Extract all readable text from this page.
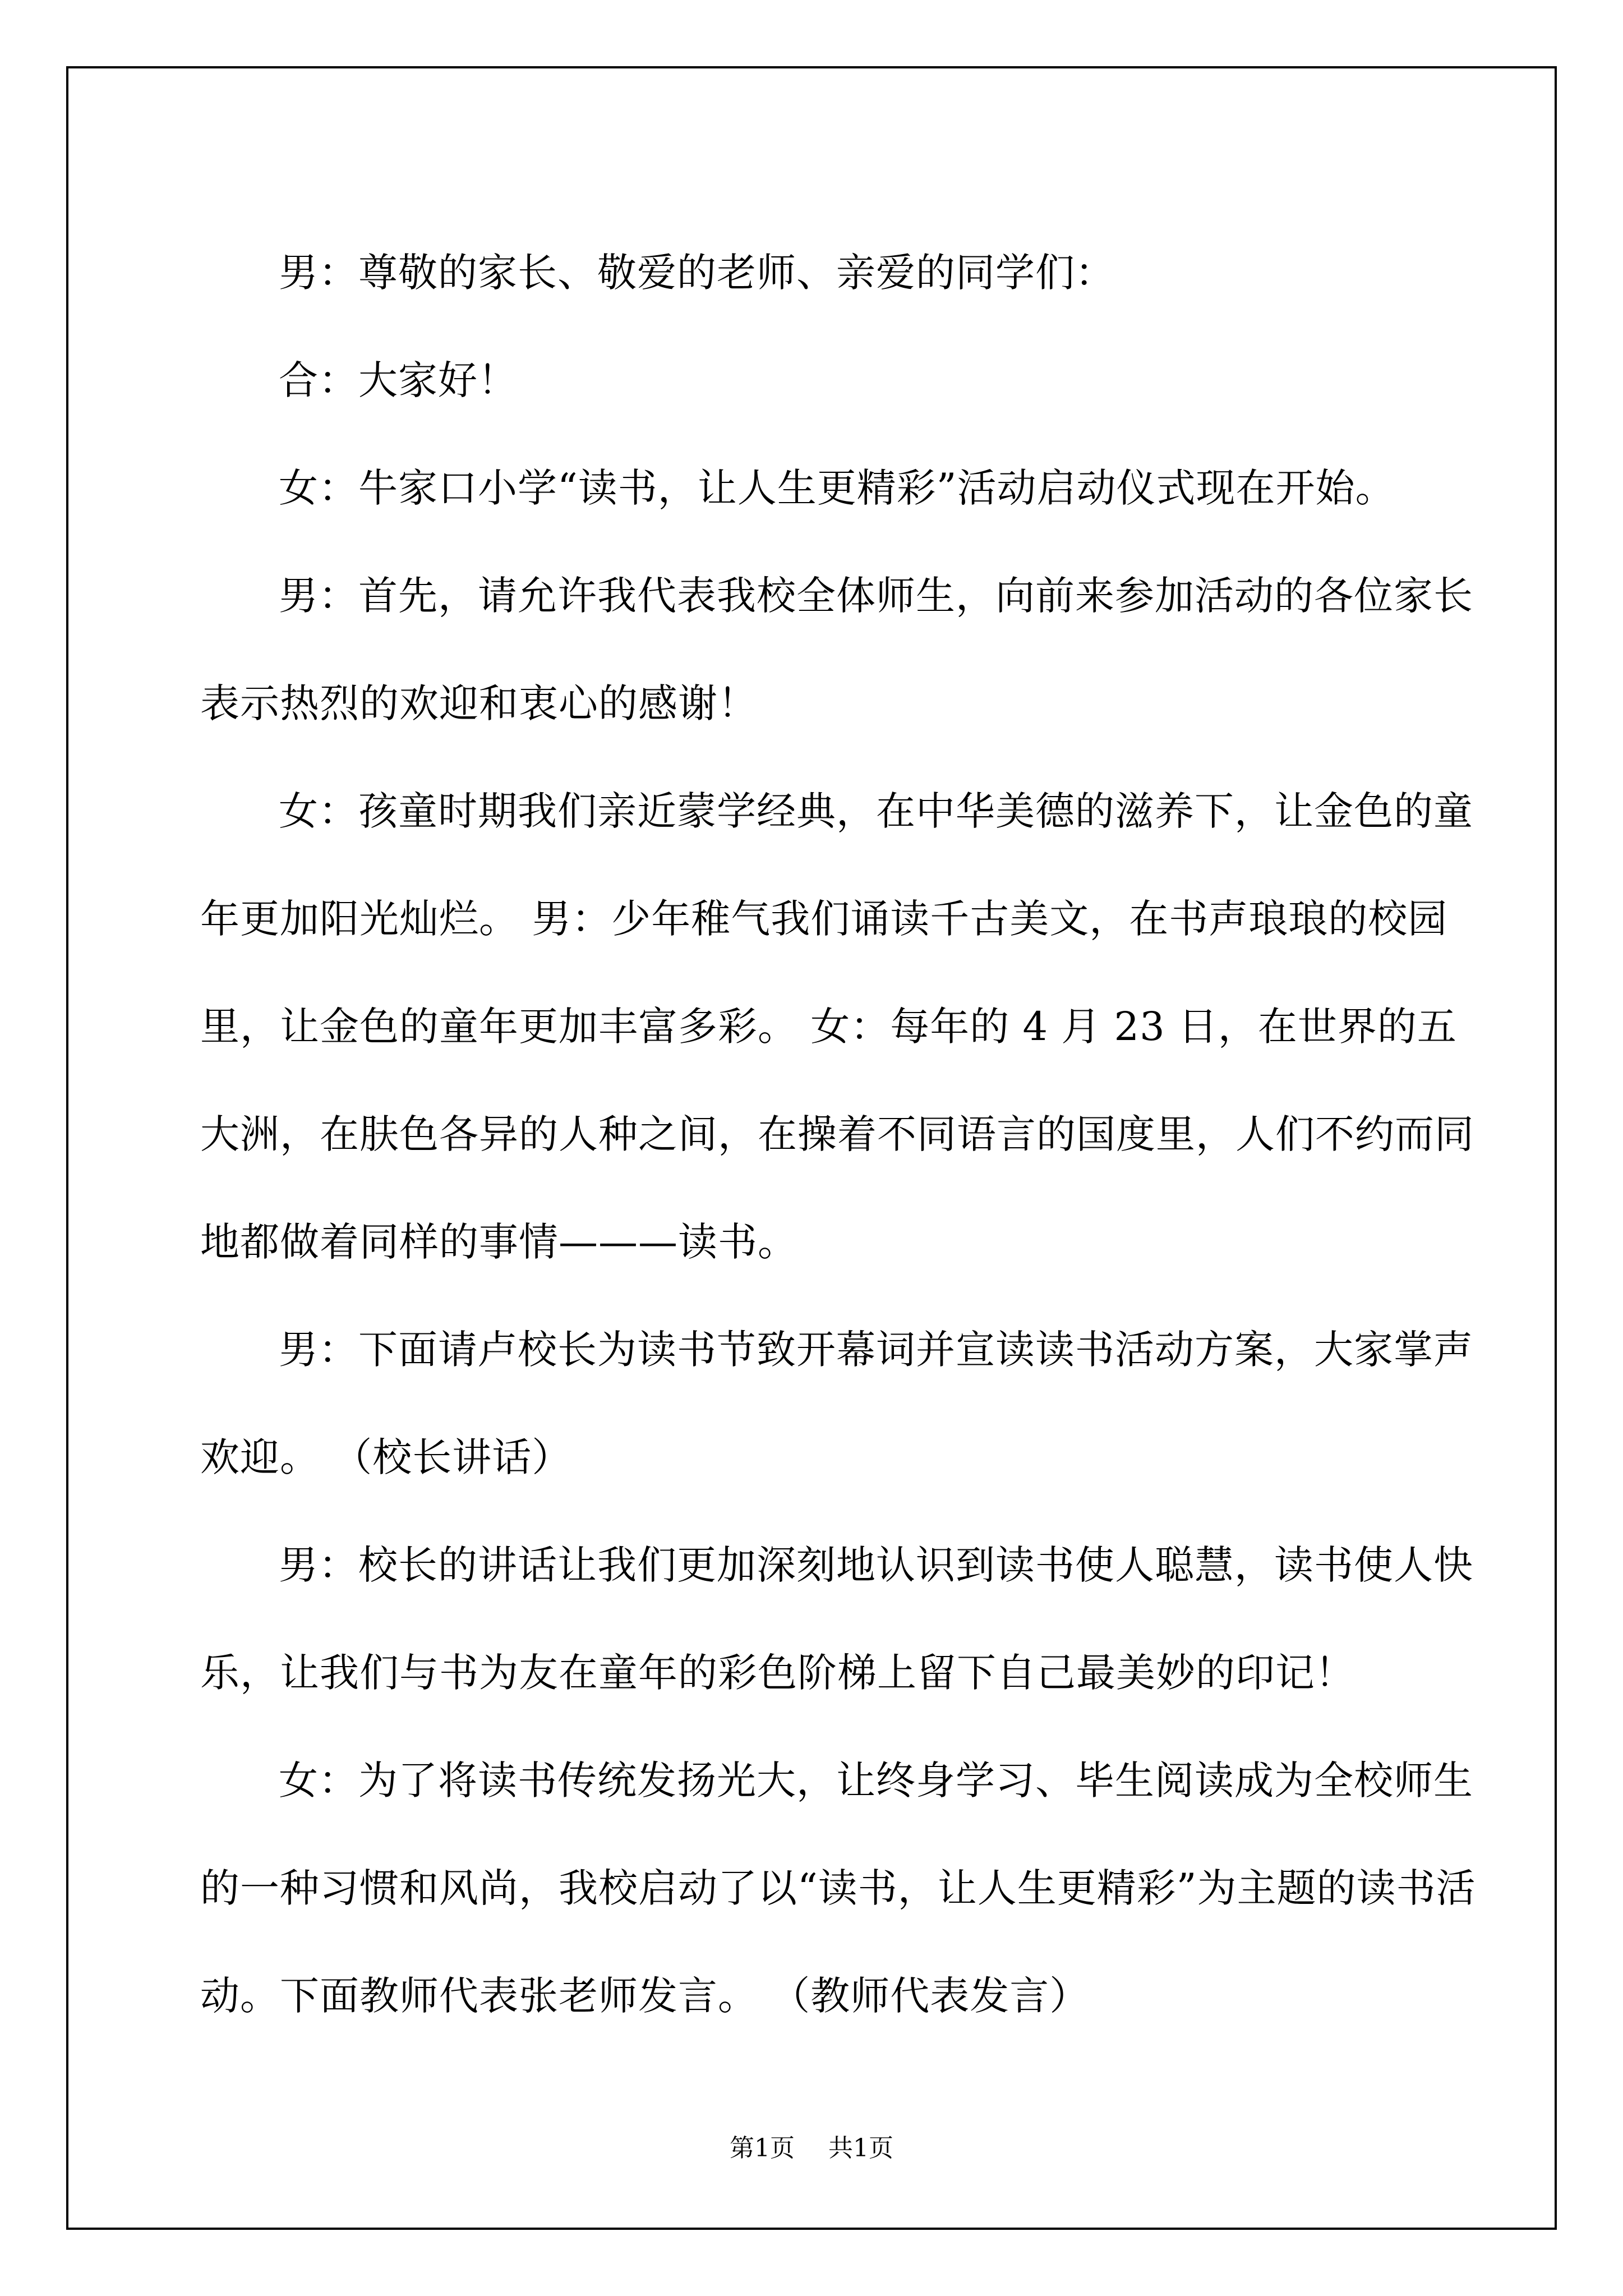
男：尊敬的家长、敬爱的老师、亲爱的同学们：

合：大家好！

女：牛家口小学“读书，让人生更精彩”活动启动仪式现在开始。

男：首先，请允许我代表我校全体师生，向前来参加活动的各位家长表示热烈的欢迎和衷心的感谢！

女：孩童时期我们亲近蒙学经典，在中华美德的滋养下，让金色的童年更加阳光灿烂。 男：少年稚气我们诵读千古美文，在书声琅琅的校园里，让金色的童年更加丰富多彩。 女：每年的 4 月 23 日，在世界的五大洲，在肤色各异的人种之间，在操着不同语言的国度里，人们不约而同地都做着同样的事情———读书。

男：下面请卢校长为读书节致开幕词并宣读读书活动方案，大家掌声欢迎。 （校长讲话）

男：校长的讲话让我们更加深刻地认识到读书使人聪慧，读书使人快乐，让我们与书为友在童年的彩色阶梯上留下自己最美妙的印记！

女：为了将读书传统发扬光大，让终身学习、毕生阅读成为全校师生的一种习惯和风尚，我校启动了以“读书，让人生更精彩”为主题的读书活动。下面教师代表张老师发言。 （教师代表发言）

第1页 共1页
